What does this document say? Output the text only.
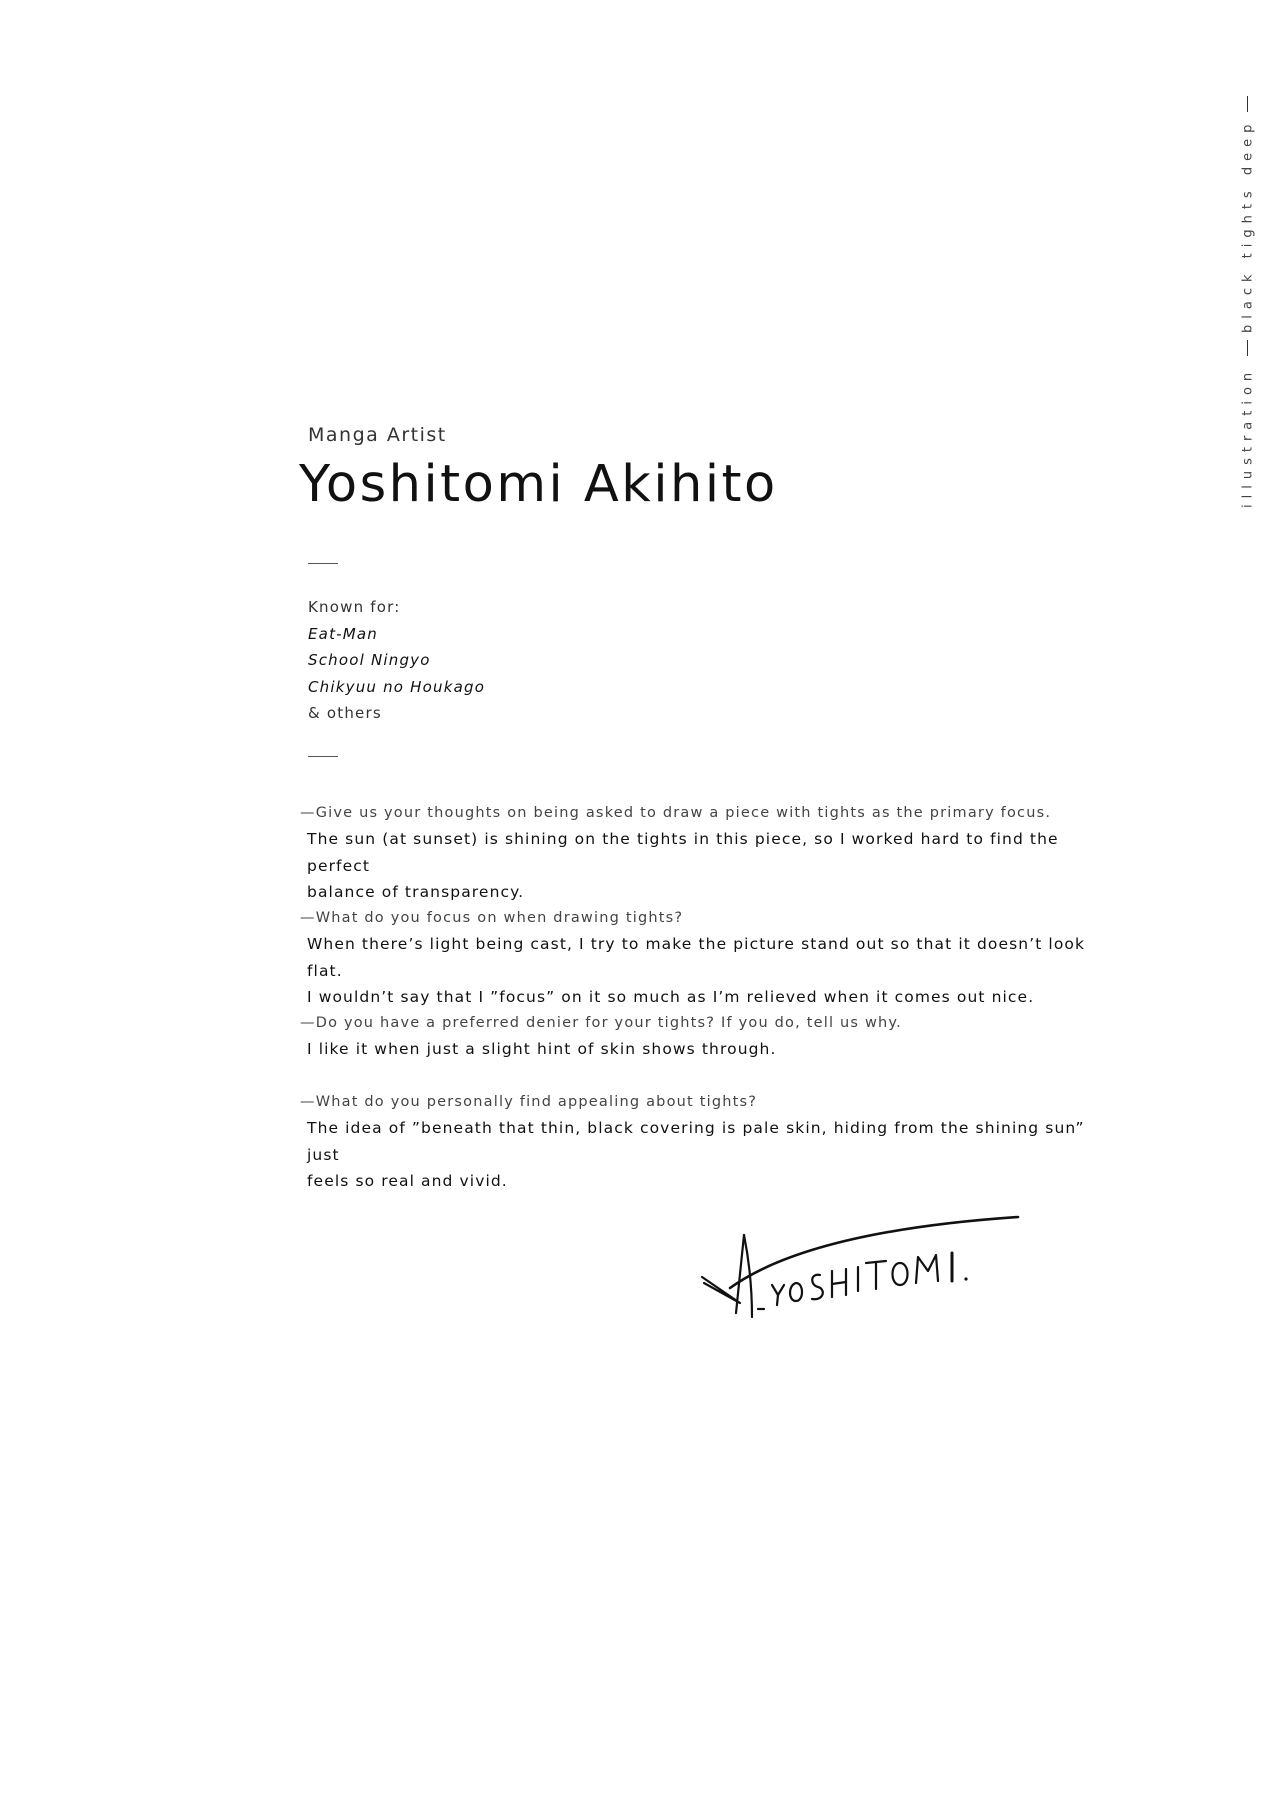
black tights deep
illustration
Manga Artist
Yoshitomi Akihito
Known for:
Eat-Man
School Ningyo
Chikyuu no Houkago
& others
—Give us your thoughts on being asked to draw a piece with tights as the primary focus.
The sun (at sunset) is shining on the tights in this piece, so I worked hard to find the perfect
balance of transparency.
—What do you focus on when drawing tights?
When there’s light being cast, I try to make the picture stand out so that it doesn’t look flat.
I wouldn’t say that I ”focus” on it so much as I’m relieved when it comes out nice.
—Do you have a preferred denier for your tights? If you do, tell us why.
I like it when just a slight hint of skin shows through.
—What do you personally find appealing about tights?
The idea of ”beneath that thin, black covering is pale skin, hiding from the shining sun” just
feels so real and vivid.
